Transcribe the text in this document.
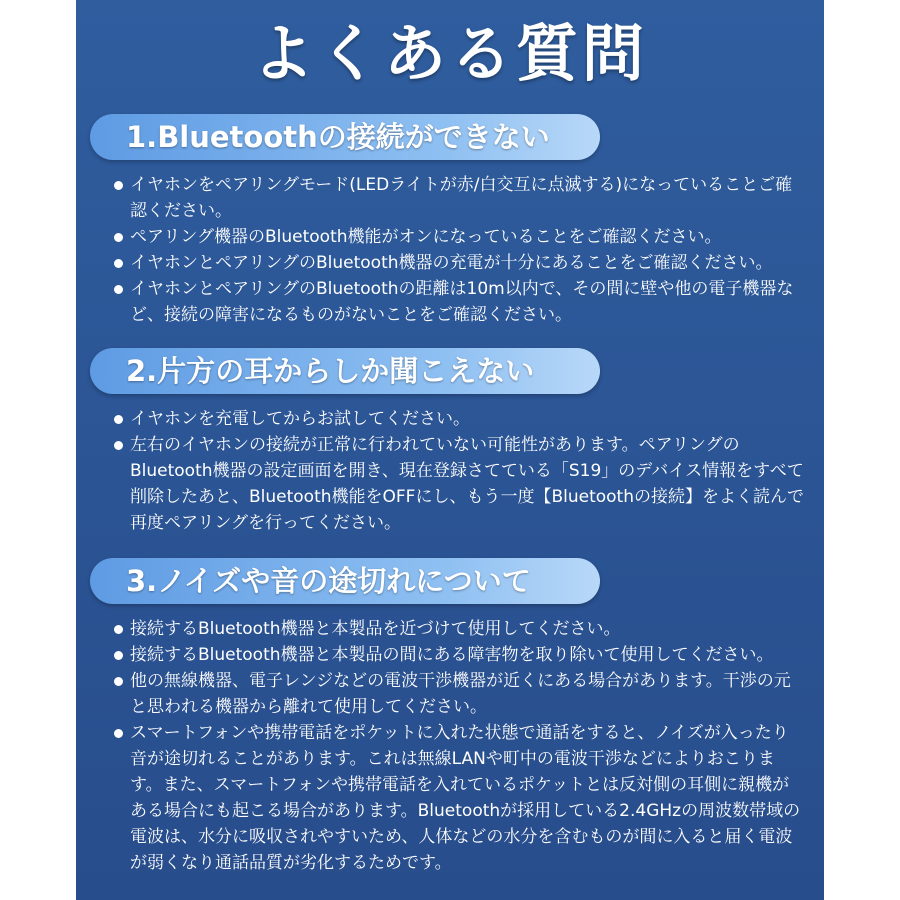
よくある質問
1.Bluetoothの接続ができない
イヤホンをペアリングモード(LEDライトが赤/白交互に点滅する)になっていることご確認ください。
ペアリング機器のBluetooth機能がオンになっていることをご確認ください。
イヤホンとペアリングのBluetooth機器の充電が十分にあることをご確認ください。
イヤホンとペアリングのBluetoothの距離は10m以内で、その間に壁や他の電子機器など、接続の障害になるものがないことをご確認ください。
2.片方の耳からしか聞こえない
イヤホンを充電してからお試してください。
左右のイヤホンの接続が正常に行われていない可能性があります。ペアリングのBluetooth機器の設定画面を開き、現在登録さてている「S19」のデバイス情報をすべて削除したあと、Bluetooth機能をOFFにし、もう一度【Bluetoothの接続】をよく読んで再度ペアリングを行ってください。
3.ノイズや音の途切れについて
接続するBluetooth機器と本製品を近づけて使用してください。
接続するBluetooth機器と本製品の間にある障害物を取り除いて使用してください。
他の無線機器、電子レンジなどの電波干渉機器が近くにある場合があります。干渉の元と思われる機器から離れて使用してください。
スマートフォンや携帯電話をポケットに入れた状態で通話をすると、ノイズが入ったり音が途切れることがあります。これは無線LANや町中の電波干渉などによりおこります。また、スマートフォンや携帯電話を入れているポケットとは反対側の耳側に親機がある場合にも起こる場合があります。Bluetoothが採用している2.4GHzの周波数帯域の電波は、水分に吸収されやすいため、人体などの水分を含むものが間に入ると届く電波が弱くなり通話品質が劣化するためです。
